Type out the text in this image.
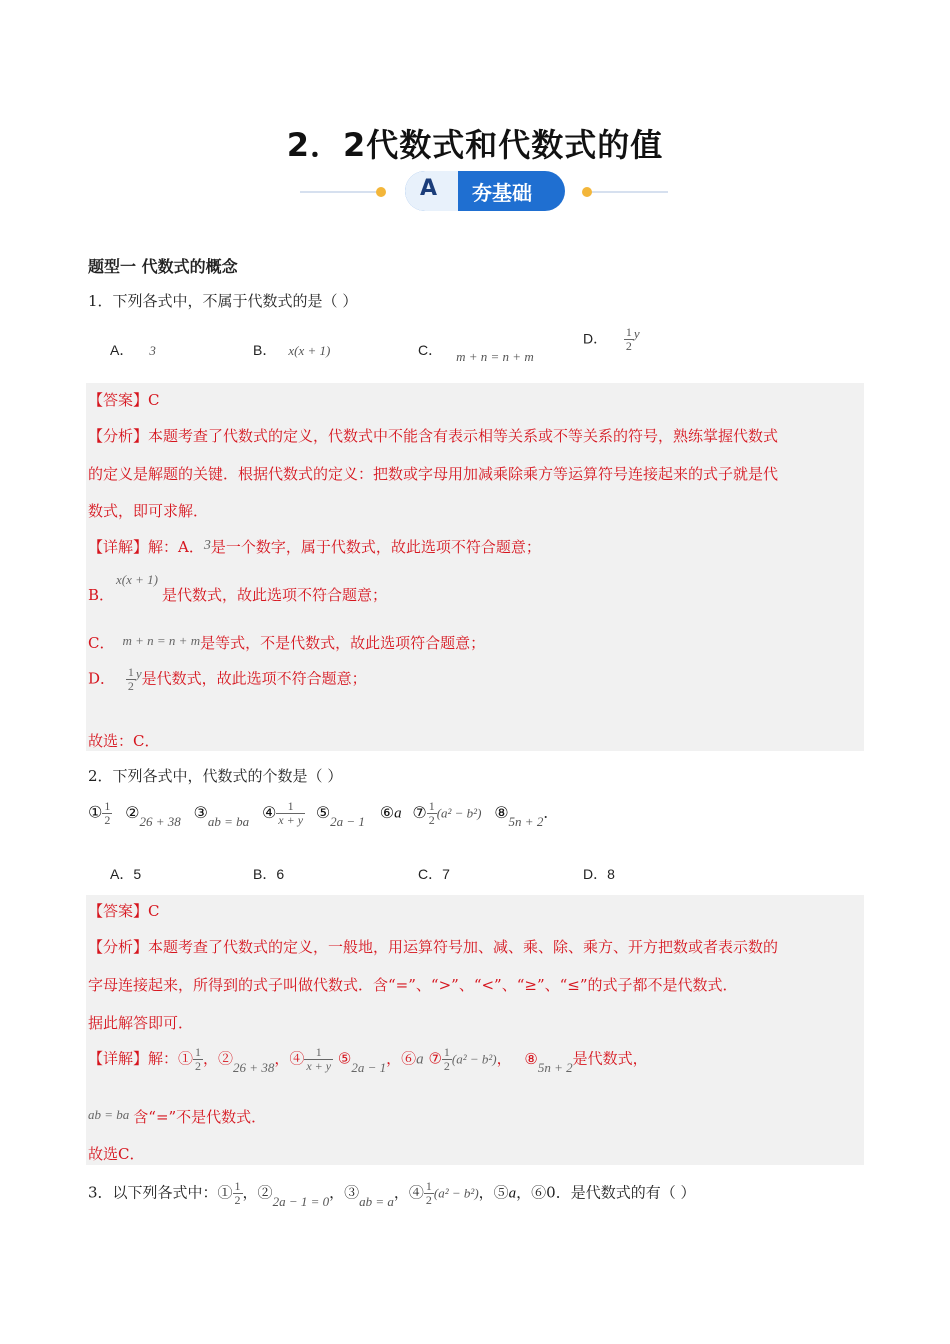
2．2代数式和代数式的值
A 夯基础
题型一 代数式的概念
1．下列各式中，不属于代数式的是（ ）
A． 3	B． x(x + 1)	C． m + n = n + m
D． $\frac{1}{2}$ y
【答案】C
【分析】本题考查了代数式的定义，代数式中不能含有表示相等关系或不等关系的符号，熟练掌握代数式
的定义是解题的关键．根据代数式的定义：把数或字母用加减乘除乘方等运算符号连接起来的式子就是代
数式，即可求解．
【详解】解：A．3是一个数字，属于代数式，故此选项不符合题意；
B．x(x + 1)是代数式，故此选项不符合题意；
C． m + n = n + m是等式，不是代数式，故此选项符合题意；
D． $\frac{1}{2}$ y是代数式，故此选项不符合题意；
故选：C．
2．下列各式中，代数式的个数是（ ）
① $\frac{1}{2}$ ②26 + 38 ③ab = ba ④ $\frac{1}{x + y}$ ⑤2a − 1 ⑥a ⑦ $\frac{1}{2} (a^2 - b^2)$ ⑧5n + 2．
A．5	B．6	C．7	D．8
【答案】C
【分析】本题考查了代数式的定义，一般地，用运算符号加、减、乘、除、乘方、开方把数或者表示数的
字母连接起来，所得到的式子叫做代数式．含“=”、“>”、“<”、“≥”、“≤”的式子都不是代数式．
据此解答即可．
【详解】解：① $\frac{1}{2}$ ，②26 + 38，④ $\frac{1}{x + y}$ ⑤2a − 1，⑥a ⑦ $\frac{1}{2} (a^2 - b^2)$， ⑧5n + 2是代数式，
ab = ba 含“=”不是代数式．
故选C．
3．以下列各式中：① $\frac{1}{2}$ ，②2a − 1 = 0，③ab = a，④ $\frac{1}{2} (a^2 - b^2)$，⑤a，⑥0．是代数式的有（ ）
